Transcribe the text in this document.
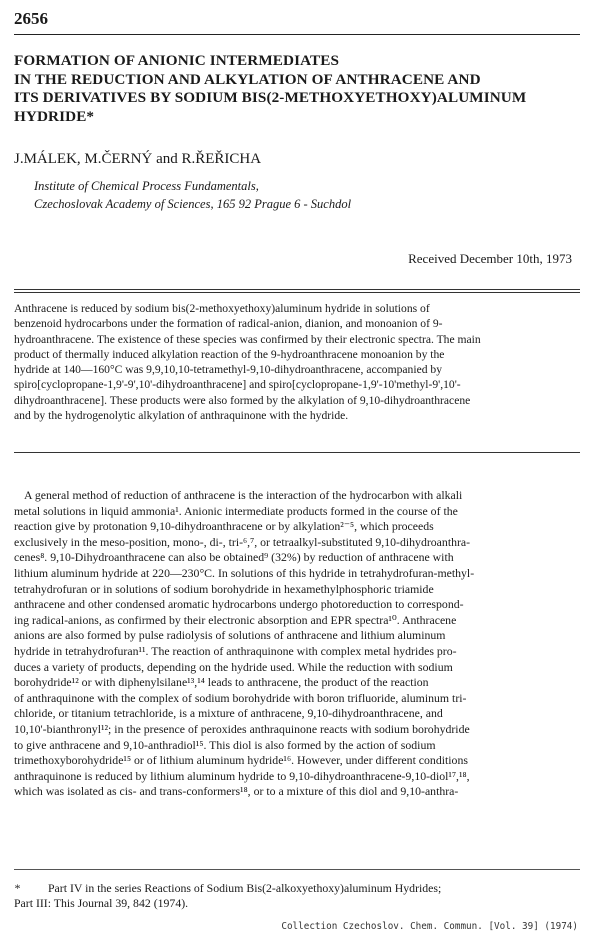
2656
FORMATION OF ANIONIC INTERMEDIATES
IN THE REDUCTION AND ALKYLATION OF ANTHRACENE AND
ITS DERIVATIVES BY SODIUM BIS(2-METHOXYETHOXY)ALUMINUM
HYDRIDE*
J.MÁLEK, M.ČERNÝ and R.ŘEŘICHA
Institute of Chemical Process Fundamentals,
Czechoslovak Academy of Sciences, 165 92 Prague 6 - Suchdol
Received December 10th, 1973
Anthracene is reduced by sodium bis(2-methoxyethoxy)aluminum hydride in solutions of
benzenoid hydrocarbons under the formation of radical-anion, dianion, and monoanion of 9-
hydroanthracene. The existence of these species was confirmed by their electronic spectra. The main
product of thermally induced alkylation reaction of the 9-hydroanthracene monoanion by the
hydride at 140—160°C was 9,9,10,10-tetramethyl-9,10-dihydroanthracene, accompanied by
spiro[cyclopropane-1,9'-9',10'-dihydroanthracene] and spiro[cyclopropane-1,9'-10'methyl-9',10'-
dihydroanthracene]. These products were also formed by the alkylation of 9,10-dihydroanthracene
and by the hydrogenolytic alkylation of anthraquinone with the hydride.
A general method of reduction of anthracene is the interaction of the hydrocarbon with alkali
metal solutions in liquid ammonia¹. Anionic intermediate products formed in the course of the
reaction give by protonation 9,10-dihydroanthracene or by alkylation²⁻⁵, which proceeds
exclusively in the meso-position, mono-, di-, tri-⁶,⁷, or tetraalkyl-substituted 9,10-dihydroanthra-
cenes⁸. 9,10-Dihydroanthracene can also be obtained⁹ (32%) by reduction of anthracene with
lithium aluminum hydride at 220—230°C. In solutions of this hydride in tetrahydrofuran-methyl-
tetrahydrofuran or in solutions of sodium borohydride in hexamethylphosphoric triamide
anthracene and other condensed aromatic hydrocarbons undergo photoreduction to correspond-
ing radical-anions, as confirmed by their electronic absorption and EPR spectra¹⁰. Anthracene
anions are also formed by pulse radiolysis of solutions of anthracene and lithium aluminum
hydride in tetrahydrofuran¹¹. The reaction of anthraquinone with complex metal hydrides pro-
duces a variety of products, depending on the hydride used. While the reduction with sodium
borohydride¹² or with diphenylsilane¹³,¹⁴ leads to anthracene, the product of the reaction
of anthraquinone with the complex of sodium borohydride with boron trifluoride, aluminum tri-
chloride, or titanium tetrachloride, is a mixture of anthracene, 9,10-dihydroanthracene, and
10,10'-bianthronyl¹²; in the presence of peroxides anthraquinone reacts with sodium borohydride
to give anthracene and 9,10-anthradiol¹⁵. This diol is also formed by the action of sodium
trimethoxyborohydride¹⁵ or of lithium aluminum hydride¹⁶. However, under different conditions
anthraquinone is reduced by lithium aluminum hydride to 9,10-dihydroanthracene-9,10-diol¹⁷,¹⁸,
which was isolated as cis- and trans-conformers¹⁸, or to a mixture of this diol and 9,10-anthra-
* Part IV in the series Reactions of Sodium Bis(2-alkoxyethoxy)aluminum Hydrides;
Part III: This Journal 39, 842 (1974).
Collection Czechoslov. Chem. Commun. [Vol. 39] (1974)
